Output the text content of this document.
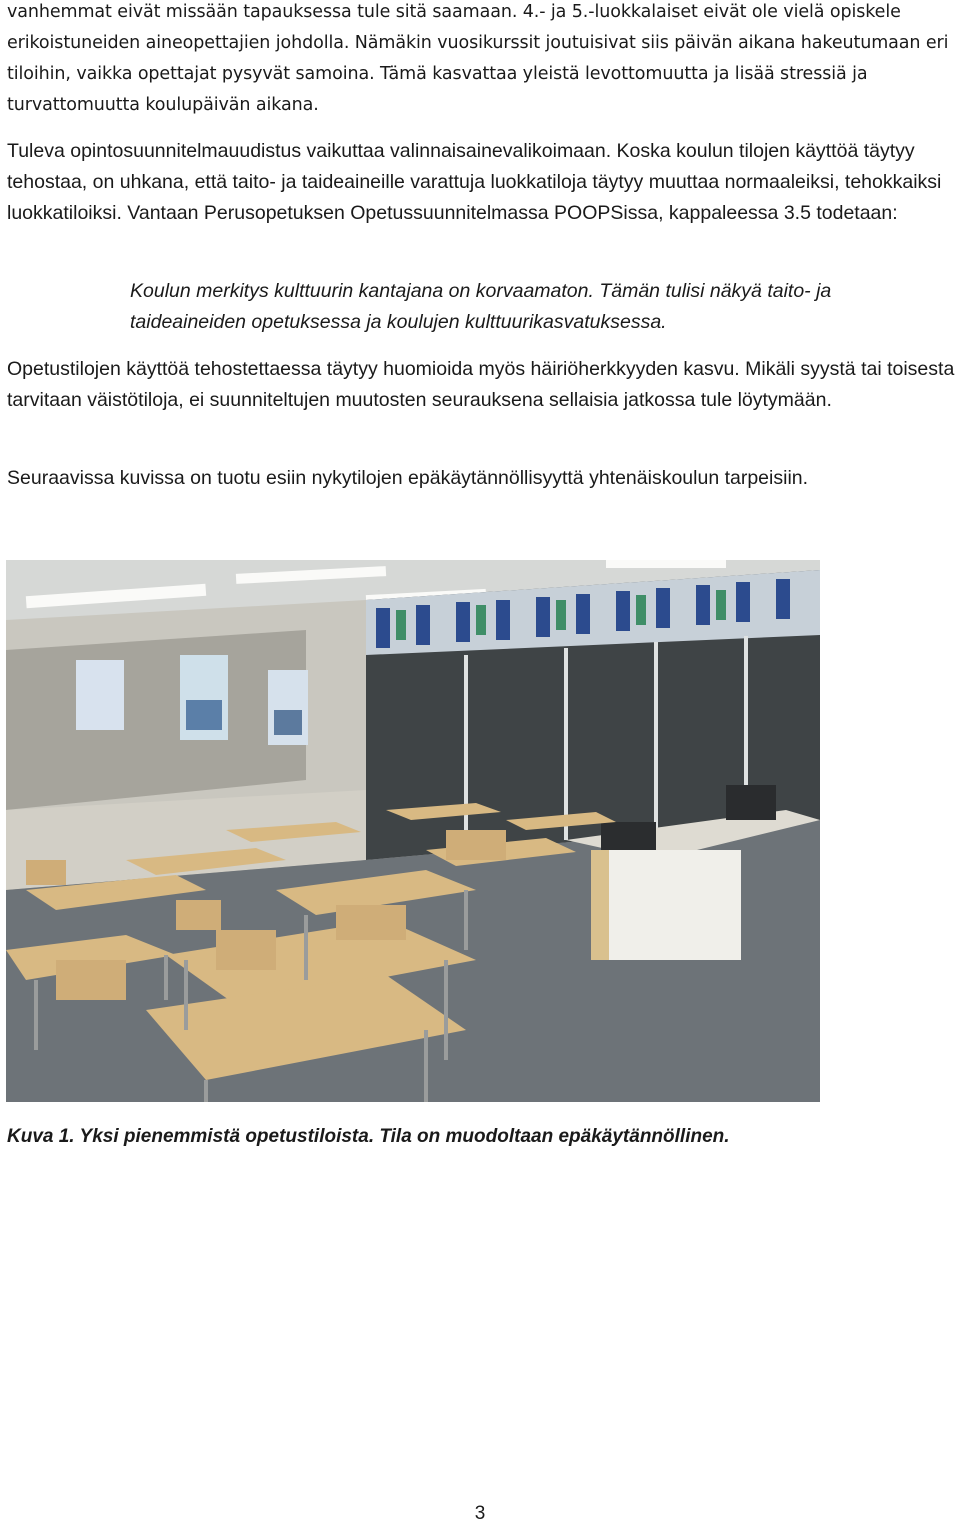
vanhemmat eivät missään tapauksessa tule sitä saamaan. 4.- ja 5.-luokkalaiset eivät ole vielä opiskele erikoistuneiden aineopettajien johdolla. Nämäkin vuosikurssit joutuisivat siis päivän aikana hakeutumaan eri tiloihin, vaikka opettajat pysyvät samoina. Tämä kasvattaa yleistä levottomuutta ja lisää stressiä ja turvattomuutta koulupäivän aikana.

Tuleva opintosuunnitelmauudistus vaikuttaa valinnaisainevalikoimaan. Koska koulun tilojen käyttöä täytyy tehostaa, on uhkana, että taito- ja taideaineille varattuja luokkatiloja täytyy muuttaa normaaleiksi, tehokkaiksi luokkatiloiksi. Vantaan Perusopetuksen Opetussuunnitelmassa POOPSissa, kappaleessa 3.5 todetaan:

Koulun merkitys kulttuurin kantajana on korvaamaton. Tämän tulisi näkyä taito- ja taideaineiden opetuksessa ja koulujen kulttuurikasvatuksessa.

Opetustilojen käyttöä tehostettaessa täytyy huomioida myös häiriöherkkyyden kasvu. Mikäli syystä tai toisesta tarvitaan väistötiloja, ei suunniteltujen muutosten seurauksena sellaisia jatkossa tule löytymään.

Seuraavissa kuvissa on tuotu esiin nykytilojen epäkäytännöllisyyttä yhtenäiskoulun tarpeisiin.

Kuva 1. Yksi pienemmistä opetustiloista. Tila on muodoltaan epäkäytännöllinen.

3
